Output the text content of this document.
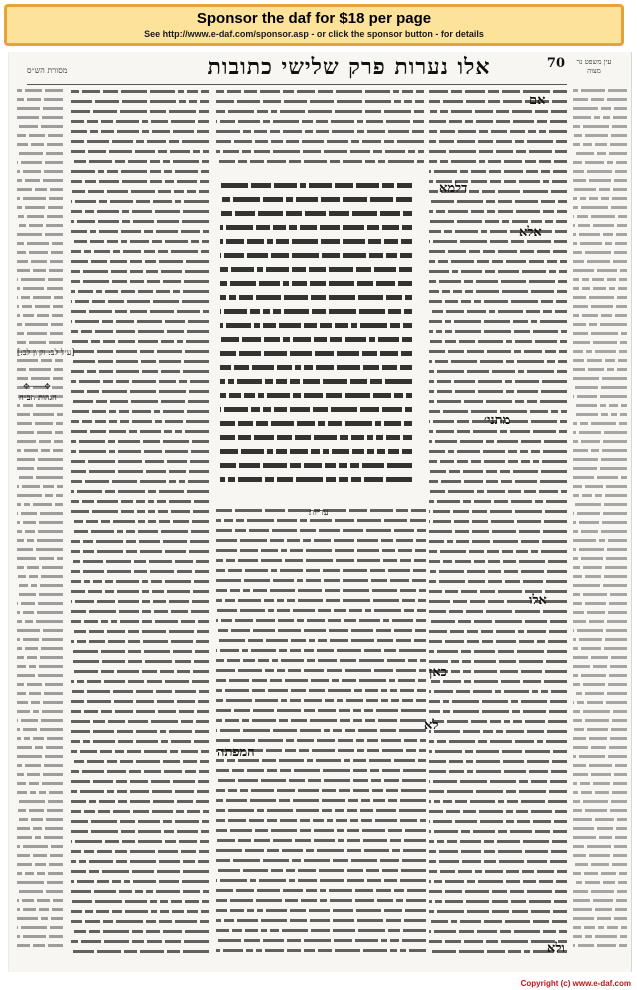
Sponsor the daf for $18 per page
See http://www.e-daf.com/sponsor.asp - or click the sponsor button - for details
מסורת הש״ס	אלו נערות פרק שלישי כתובות	70	עין משפט נר מצוה
אם
דלמא
אלא
מתני׳
אלו
כאן
לא
המפתה
ולא
עריות
[עיל לב: וקיון לב:]
הגהות הב״ח
✥───✥
Copyright (c) www.e-daf.com
